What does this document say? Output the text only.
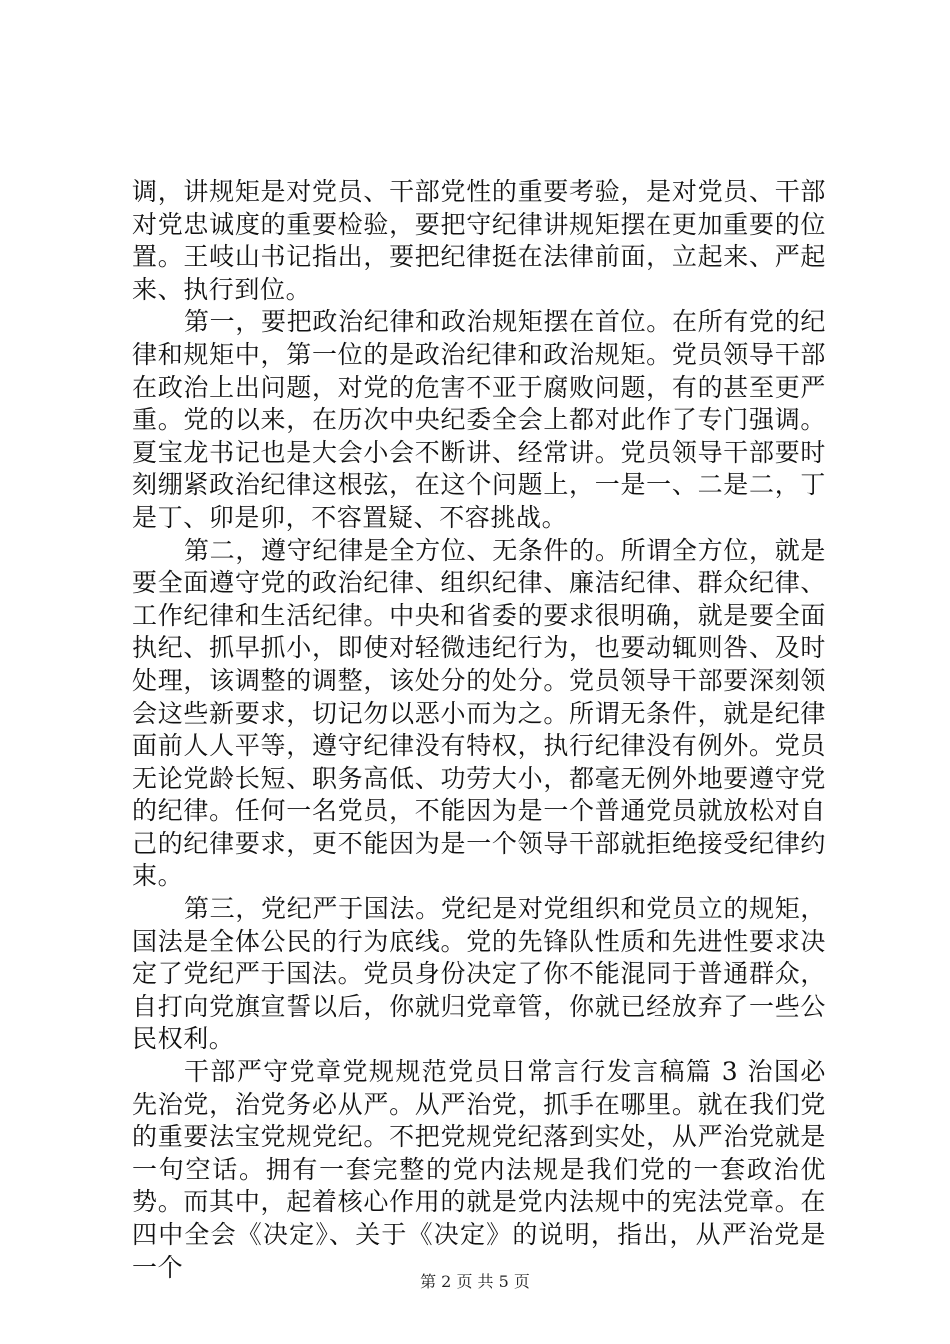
调，讲规矩是对党员、干部党性的重要考验，是对党员、干部对党忠诚度的重要检验，要把守纪律讲规矩摆在更加重要的位置。王岐山书记指出，要把纪律挺在法律前面，立起来、严起来、执行到位。

第一，要把政治纪律和政治规矩摆在首位。在所有党的纪律和规矩中，第一位的是政治纪律和政治规矩。党员领导干部在政治上出问题，对党的危害不亚于腐败问题，有的甚至更严重。党的以来，在历次中央纪委全会上都对此作了专门强调。夏宝龙书记也是大会小会不断讲、经常讲。党员领导干部要时刻绷紧政治纪律这根弦，在这个问题上，一是一、二是二，丁是丁、卯是卯，不容置疑、不容挑战。

第二，遵守纪律是全方位、无条件的。所谓全方位，就是要全面遵守党的政治纪律、组织纪律、廉洁纪律、群众纪律、工作纪律和生活纪律。中央和省委的要求很明确，就是要全面执纪、抓早抓小，即使对轻微违纪行为，也要动辄则咎、及时处理，该调整的调整，该处分的处分。党员领导干部要深刻领会这些新要求，切记勿以恶小而为之。所谓无条件，就是纪律面前人人平等，遵守纪律没有特权，执行纪律没有例外。党员无论党龄长短、职务高低、功劳大小，都毫无例外地要遵守党的纪律。任何一名党员，不能因为是一个普通党员就放松对自己的纪律要求，更不能因为是一个领导干部就拒绝接受纪律约束。

第三，党纪严于国法。党纪是对党组织和党员立的规矩，国法是全体公民的行为底线。党的先锋队性质和先进性要求决定了党纪严于国法。党员身份决定了你不能混同于普通群众，自打向党旗宣誓以后，你就归党章管，你就已经放弃了一些公民权利。

干部严守党章党规规范党员日常言行发言稿篇 3 治国必先治党，治党务必从严。从严治党，抓手在哪里。就在我们党的重要法宝党规党纪。不把党规党纪落到实处，从严治党就是一句空话。拥有一套完整的党内法规是我们党的一套政治优势。而其中，起着核心作用的就是党内法规中的宪法党章。在四中全会《决定》、关于《决定》的说明，指出，从严治党是一个	第 2 页 共 5 页
